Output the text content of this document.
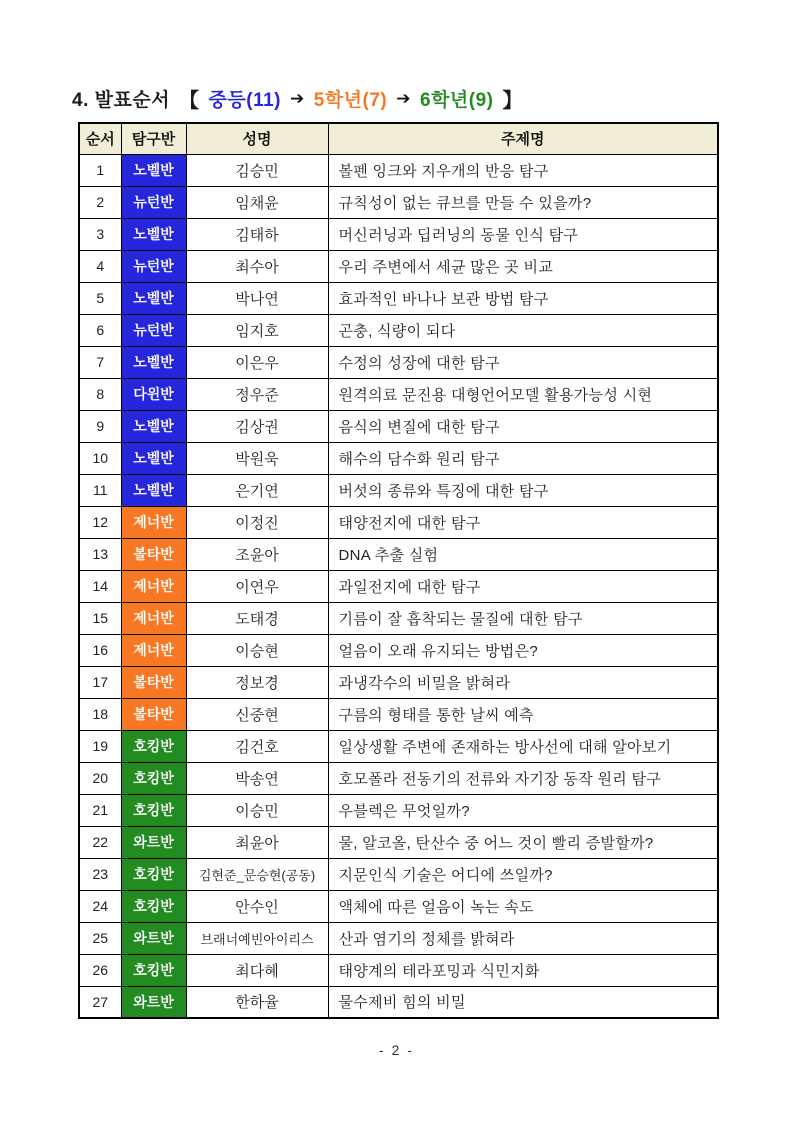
4. 발표순서 【 중등(11) ➔ 5학년(7) ➔ 6학년(9) 】
순서	탐구반	성명	주제명
1	노벨반	김승민	볼펜 잉크와 지우개의 반응 탐구
2	뉴턴반	임채윤	규칙성이 없는 큐브를 만들 수 있을까?
3	노벨반	김태하	머신러닝과 딥러닝의 동물 인식 탐구
4	뉴턴반	최수아	우리 주변에서 세균 많은 곳 비교
5	노벨반	박나연	효과적인 바나나 보관 방법 탐구
6	뉴턴반	임지호	곤충, 식량이 되다
7	노벨반	이은우	수정의 성장에 대한 탐구
8	다윈반	정우준	원격의료 문진용 대형언어모델 활용가능성 시현
9	노벨반	김상권	음식의 변질에 대한 탐구
10	노벨반	박원욱	해수의 담수화 원리 탐구
11	노벨반	은기연	버섯의 종류와 특징에 대한 탐구
12	제너반	이정진	태양전지에 대한 탐구
13	볼타반	조윤아	DNA 추출 실험
14	제너반	이연우	과일전지에 대한 탐구
15	제너반	도태경	기름이 잘 흡착되는 물질에 대한 탐구
16	제너반	이승현	얼음이 오래 유지되는 방법은?
17	볼타반	정보경	과냉각수의 비밀을 밝혀라
18	볼타반	신중현	구름의 형태를 통한 날씨 예측
19	호킹반	김건호	일상생활 주변에 존재하는 방사선에 대해 알아보기
20	호킹반	박송연	호모폴라 전동기의 전류와 자기장 동작 원리 탐구
21	호킹반	이승민	우블렉은 무엇일까?
22	와트반	최윤아	물, 알코올, 탄산수 중 어느 것이 빨리 증발할까?
23	호킹반	김현준_문승현(공동)	지문인식 기술은 어디에 쓰일까?
24	호킹반	안수인	액체에 따른 얼음이 녹는 속도
25	와트반	브래너예빈아이리스	산과 염기의 정체를 밝혀라
26	호킹반	최다혜	태양계의 테라포밍과 식민지화
27	와트반	한하율	물수제비 힘의 비밀
- 2 -
